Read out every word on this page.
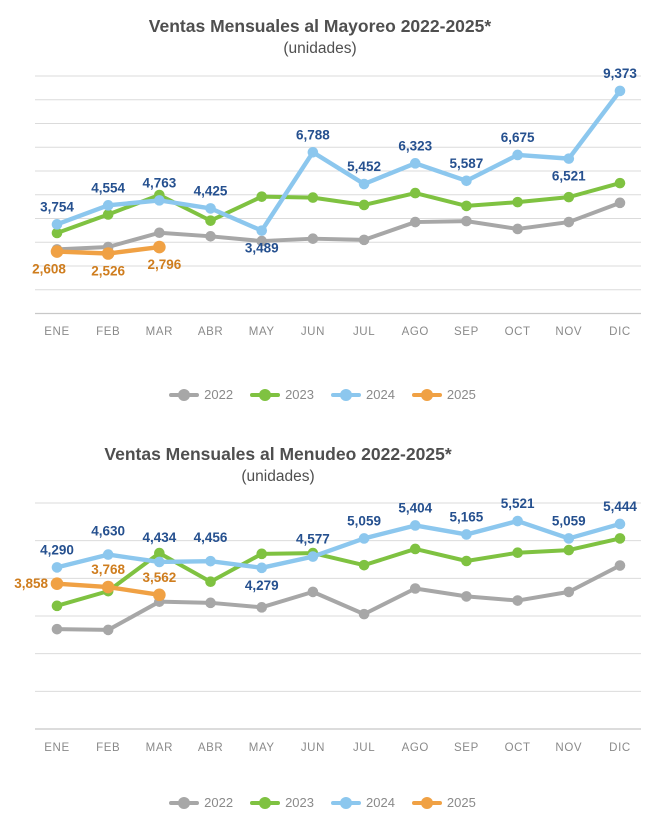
ENE FEB MAR ABR MAY JUN JUL AGO SEP OCT NOV DIC
3,754
4,554 4,763
4,425
3,489
6,788
5,452
6,323
5,587
6,675
6,521
9,373
2,608 2,526 2,796
ENE FEB MAR ABR MAY JUN JUL AGO SEP OCT NOV DIC
4,290
4,630 4,434 4,456
4,279
4,577
5,059
5,404
5,165
5,521
5,059
5,444
3,858
3,768
3,562
Ventas Mensuales al Mayoreo 2022-2025*
(unidades)
Ventas Mensuales al Menudeo 2022-2025*
(unidades)
2022	2023	2024	2025
2022	2023	2024	2025
